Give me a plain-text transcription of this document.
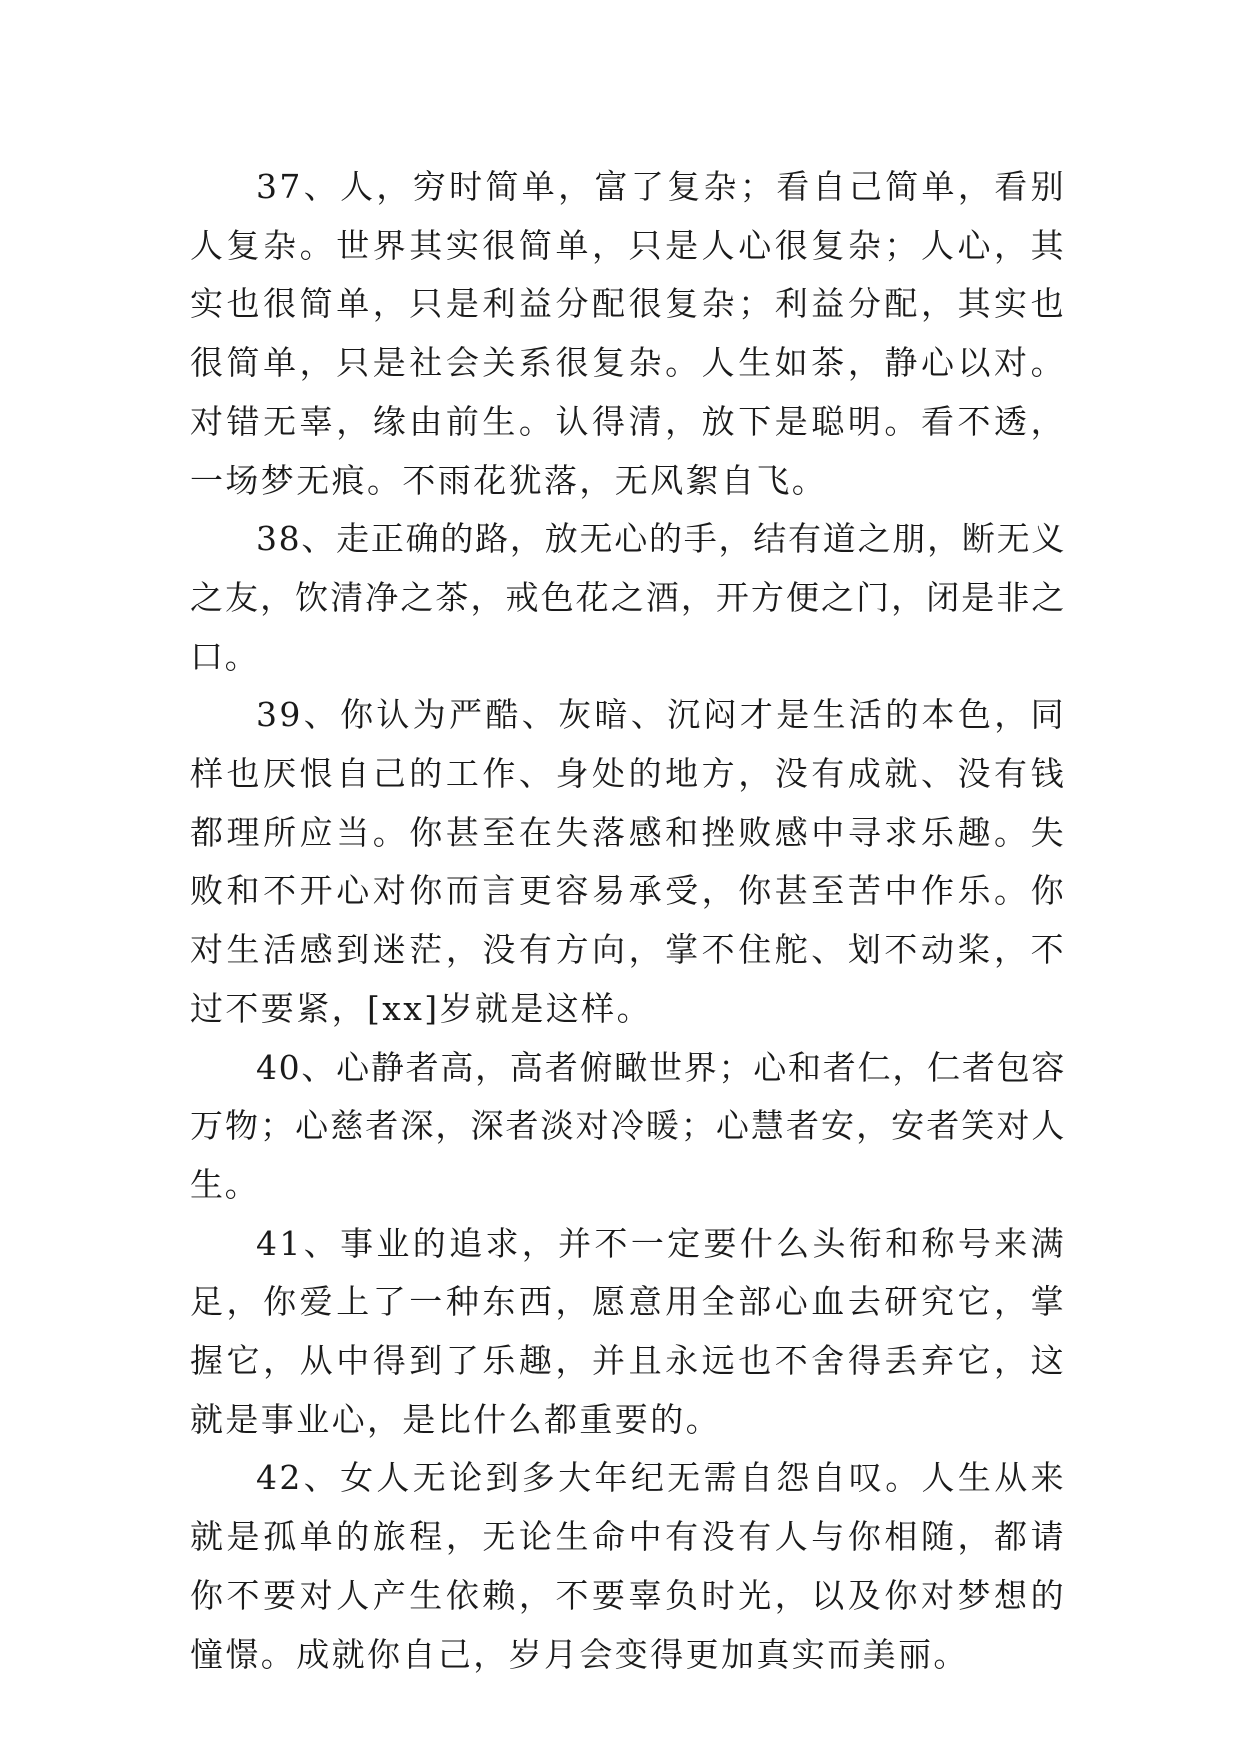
37、人，穷时简单，富了复杂；看自己简单，看别人复杂。世界其实很简单，只是人心很复杂；人心，其实也很简单，只是利益分配很复杂；利益分配，其实也很简单，只是社会关系很复杂。人生如茶，静心以对。对错无辜，缘由前生。认得清，放下是聪明。看不透，一场梦无痕。不雨花犹落，无风絮自飞。

38、走正确的路，放无心的手，结有道之朋，断无义之友，饮清净之茶，戒色花之酒，开方便之门，闭是非之口。

39、你认为严酷、灰暗、沉闷才是生活的本色，同样也厌恨自己的工作、身处的地方，没有成就、没有钱都理所应当。你甚至在失落感和挫败感中寻求乐趣。失败和不开心对你而言更容易承受，你甚至苦中作乐。你对生活感到迷茫，没有方向，掌不住舵、划不动桨，不过不要紧，[xx]岁就是这样。

40、心静者高，高者俯瞰世界；心和者仁，仁者包容万物；心慈者深，深者淡对冷暖；心慧者安，安者笑对人生。

41、事业的追求，并不一定要什么头衔和称号来满足，你爱上了一种东西，愿意用全部心血去研究它，掌握它，从中得到了乐趣，并且永远也不舍得丢弃它，这就是事业心，是比什么都重要的。

42、女人无论到多大年纪无需自怨自叹。人生从来就是孤单的旅程，无论生命中有没有人与你相随，都请你不要对人产生依赖，不要辜负时光，以及你对梦想的憧憬。成就你自己，岁月会变得更加真实而美丽。
